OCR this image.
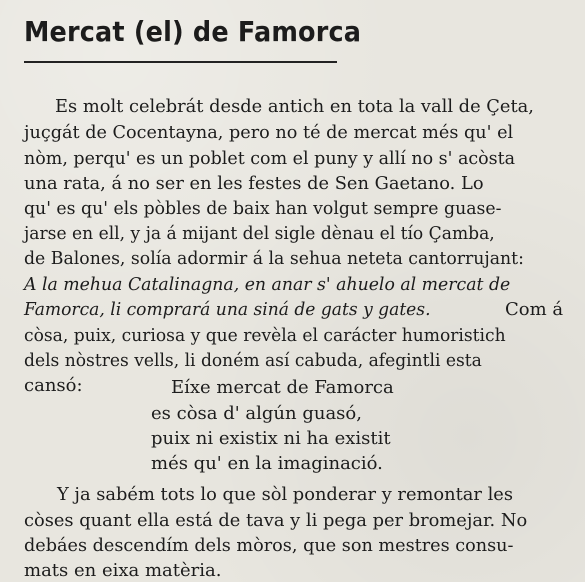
Mercat (el) de Famorca
Es molt celebrát desde antich en tota la vall de Çeta,
juçgát de Cocentayna, pero no té de mercat més qu' el
nòm, perqu' es un poblet com el puny y allí no s' acòsta
una rata, á no ser en les festes de Sen Gaetano. Lo
qu' es qu' els pòbles de baix han volgut sempre guase-
jarse en ell, y ja á mijant del sigle dènau el tío Çamba,
de Balones, solía adormir á la sehua neteta cantorrujant:
A la mehua Catalinagna, en anar s' ahuelo al mercat de
Famorca, li comprará una siná de gats y gates.	Com á
còsa, puix, curiosa y que revèla el carácter humoristich
dels nòstres vells, li doném así cabuda, afegintli esta
cansó:	Eíxe mercat de Famorca
es còsa d' algún guasó,
puix ni existix ni ha existit
més qu' en la imaginació.
Y ja sabém tots lo que sòl ponderar y remontar les
còses quant ella está de tava y li pega per bromejar. No
debáes descendím dels mòros, que son mestres consu-
mats en eixa matèria.
